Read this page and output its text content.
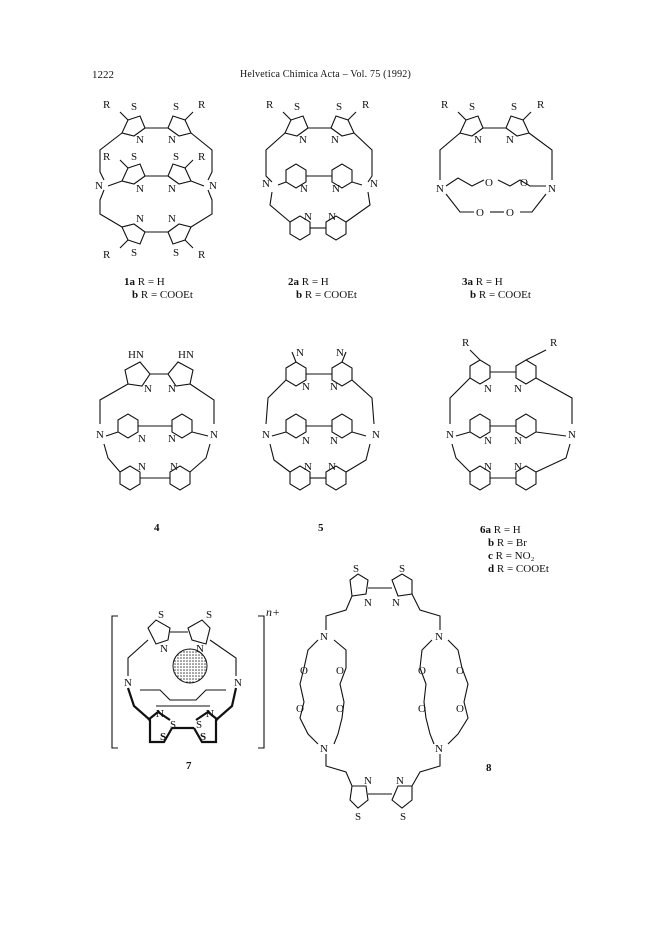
1222	Helvetica Chimica Acta – Vol. 75 (1992)
R S	S R
N N
R S	S R
N N
N	N
N N
R S	S R
R S	S R
N N
N	N N	N
N N
R S	S R
N N
N	N
O O
O O
H N	H N
N N
N	N
N N
N N
N	N
N N
N	N
N N
N N
R	R
N N
N	N
N N
N N
S	S
N	N
N	N
N	N
S S
S	S
S	S
N N
N	N
O	O
O	O
O	O
O	O
N	N
N N
S	S
1a R = H
b R = COOEt
2a R = H
b R = COOEt
3a R = H
b R = COOEt
4	5	6a R = H
b R = Br
c R = NO₂
d R = COOEt
7
n+
8
